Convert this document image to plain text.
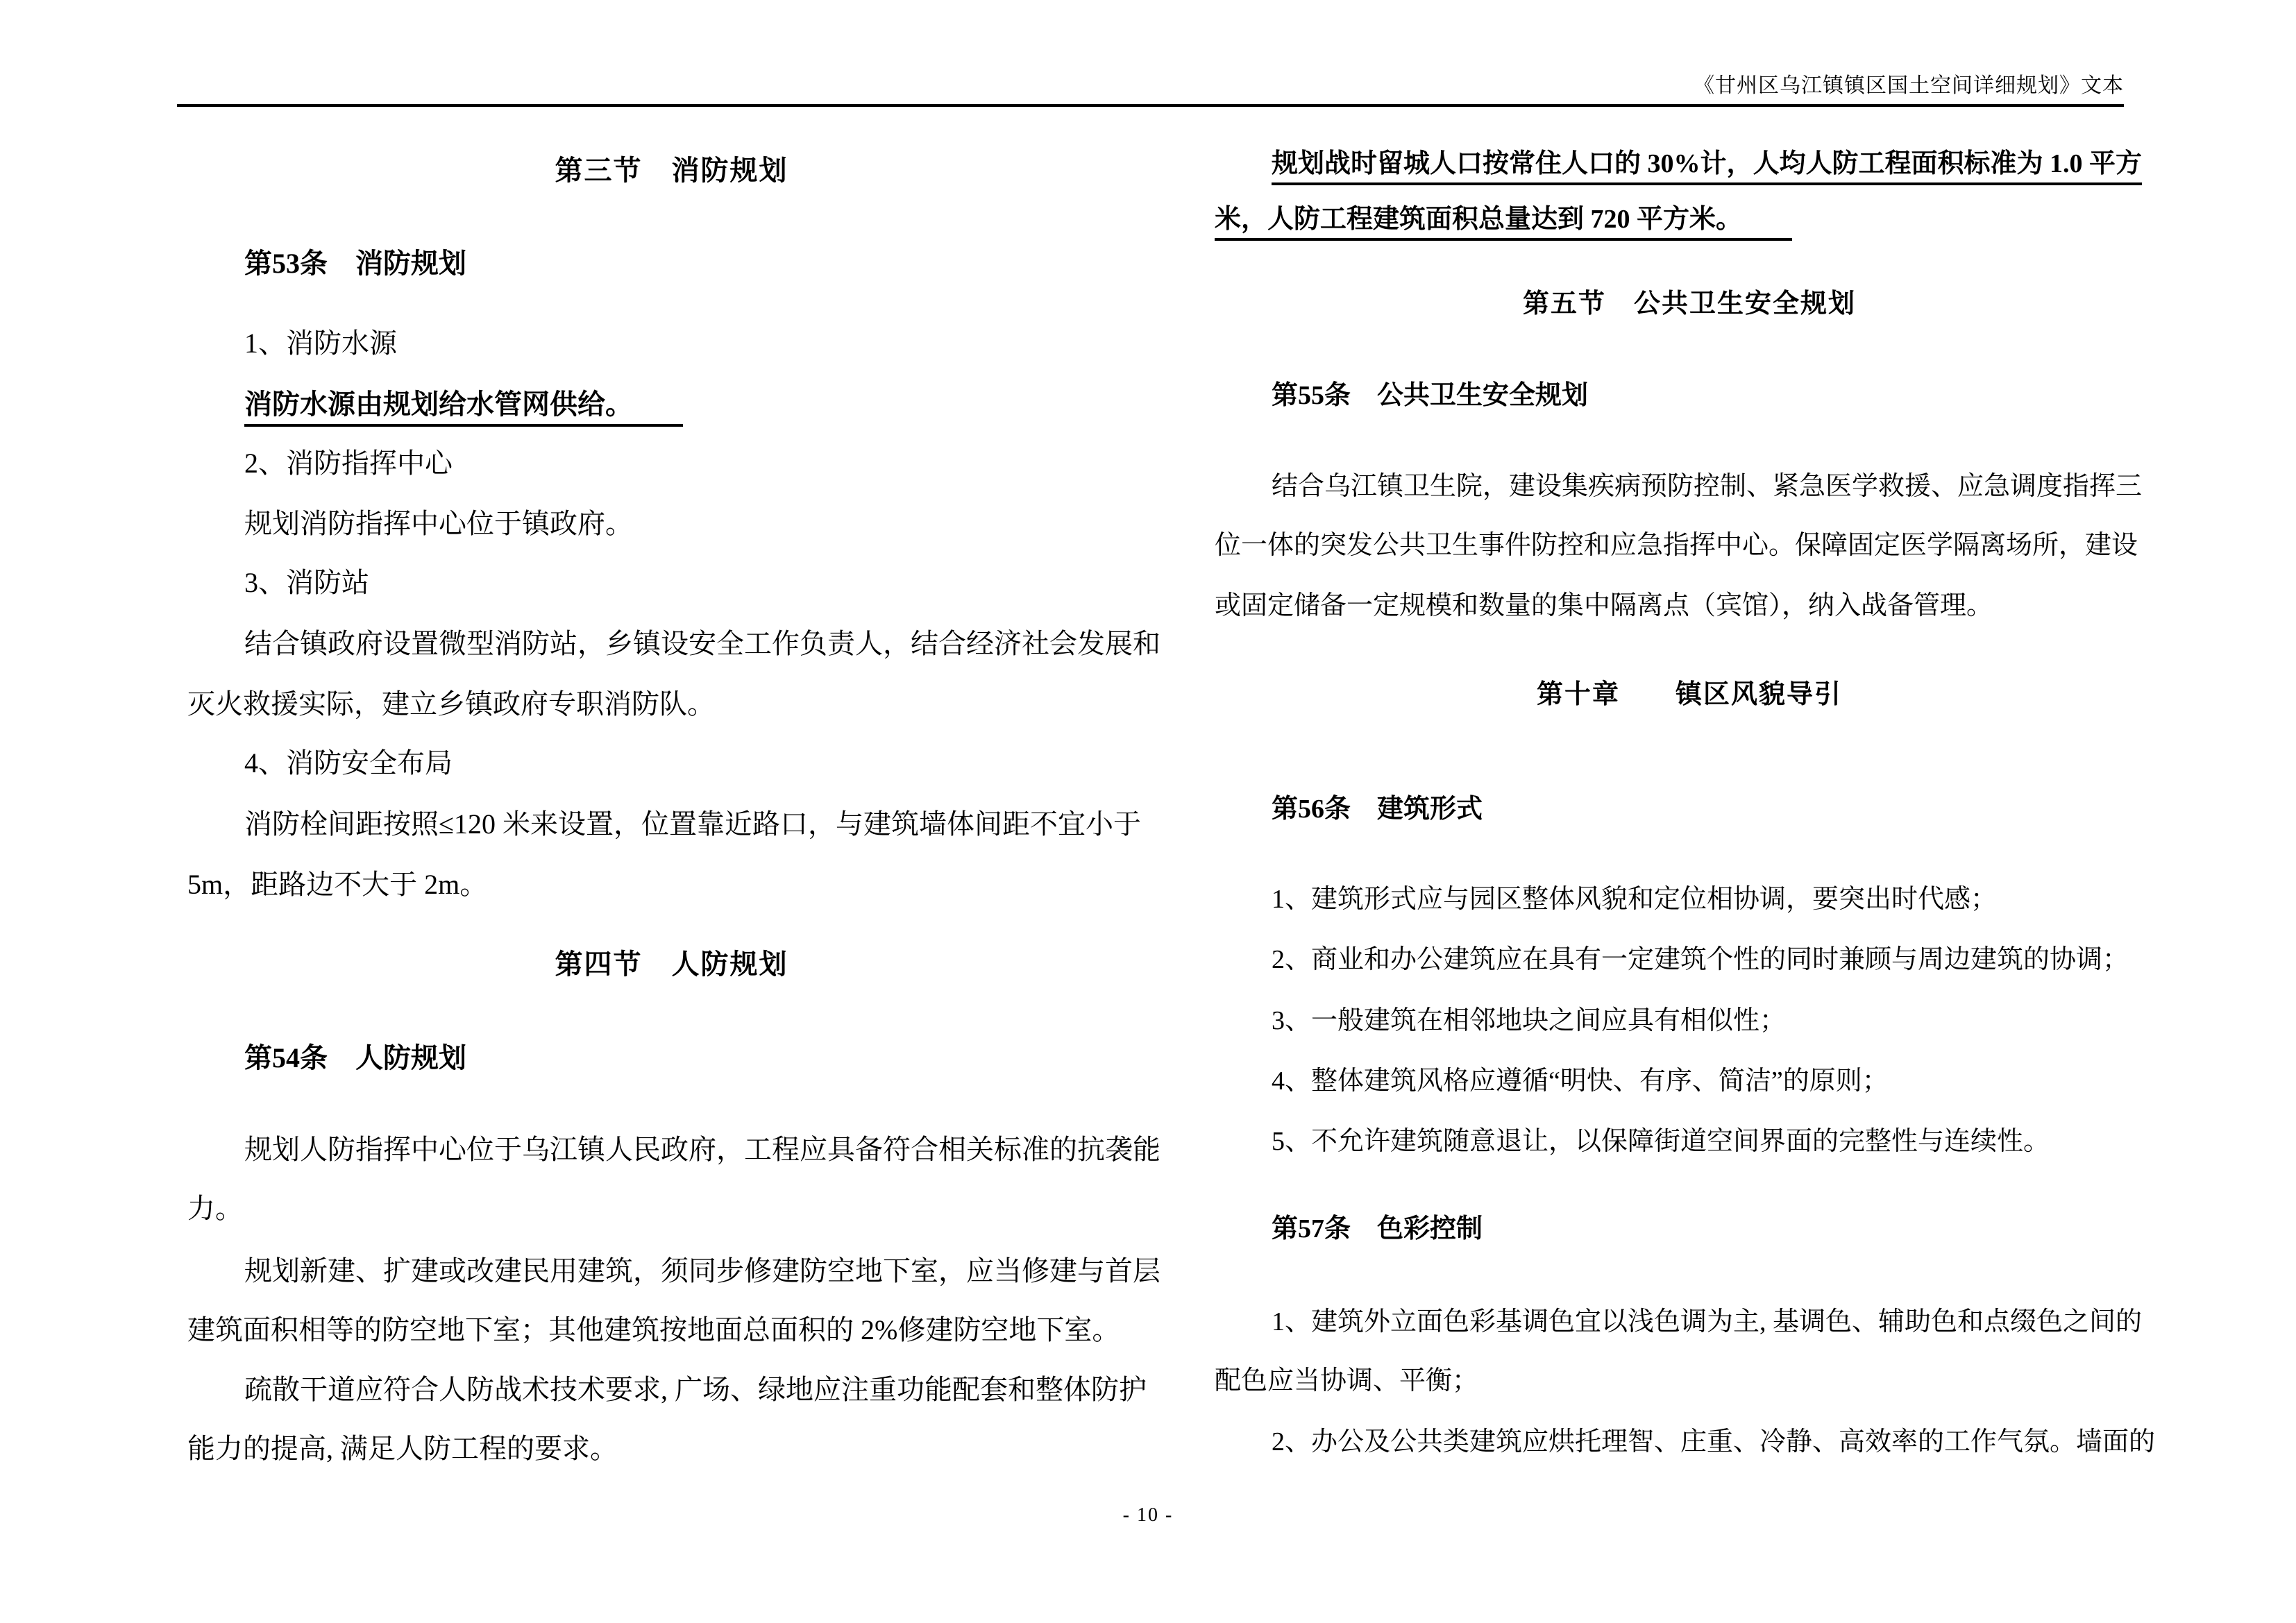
《甘州区乌江镇镇区国土空间详细规划》文本
第三节　消防规划
第53条　消防规划
1、消防水源
消防水源由规划给水管网供给。
2、消防指挥中心
规划消防指挥中心位于镇政府。
3、消防站
结合镇政府设置微型消防站，乡镇设安全工作负责人，结合经济社会发展和
灭火救援实际，建立乡镇政府专职消防队。
4、消防安全布局
消防栓间距按照≤120 米来设置，位置靠近路口，与建筑墙体间距不宜小于
5m，距路边不大于 2m。
第四节　人防规划
第54条　人防规划
规划人防指挥中心位于乌江镇人民政府，工程应具备符合相关标准的抗袭能
力。
规划新建、扩建或改建民用建筑，须同步修建防空地下室，应当修建与首层
建筑面积相等的防空地下室；其他建筑按地面总面积的 2%修建防空地下室。
疏散干道应符合人防战术技术要求, 广场、绿地应注重功能配套和整体防护
能力的提高, 满足人防工程的要求。
规划战时留城人口按常住人口的 30%计，人均人防工程面积标准为 1.0 平方
米，人防工程建筑面积总量达到 720 平方米。
第五节　公共卫生安全规划
第55条　公共卫生安全规划
结合乌江镇卫生院，建设集疾病预防控制、紧急医学救援、应急调度指挥三
位一体的突发公共卫生事件防控和应急指挥中心。保障固定医学隔离场所，建设
或固定储备一定规模和数量的集中隔离点（宾馆），纳入战备管理。
第十章　　镇区风貌导引
第56条　建筑形式
1、建筑形式应与园区整体风貌和定位相协调，要突出时代感；
2、商业和办公建筑应在具有一定建筑个性的同时兼顾与周边建筑的协调；
3、一般建筑在相邻地块之间应具有相似性；
4、整体建筑风格应遵循“明快、有序、简洁”的原则；
5、不允许建筑随意退让，以保障街道空间界面的完整性与连续性。
第57条　色彩控制
1、建筑外立面色彩基调色宜以浅色调为主, 基调色、辅助色和点缀色之间的
配色应当协调、平衡；
2、办公及公共类建筑应烘托理智、庄重、冷静、高效率的工作气氛。墙面的
- 10 -
